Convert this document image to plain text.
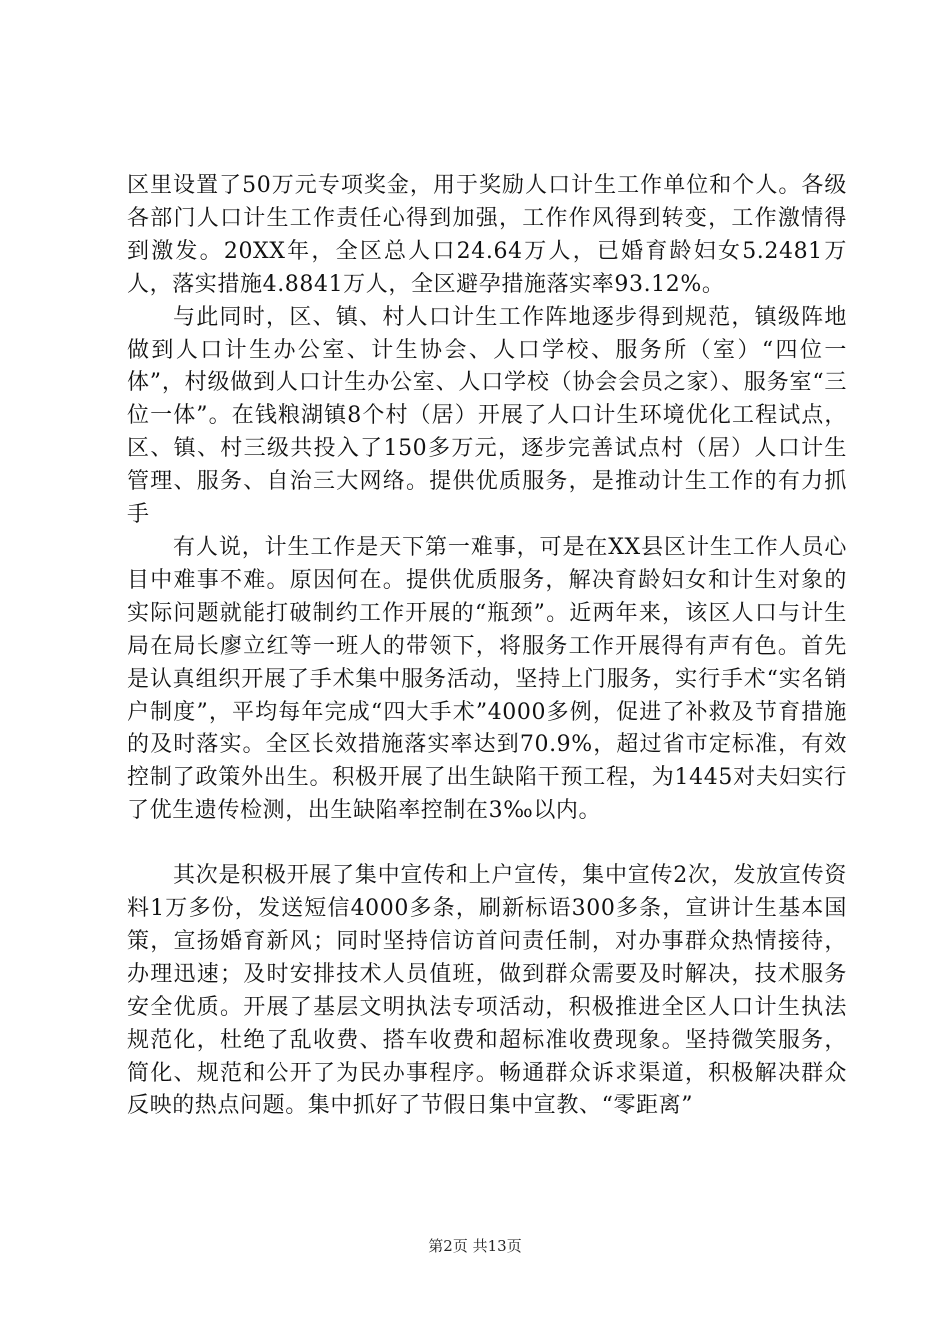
区里设置了50万元专项奖金，用于奖励人口计生工作单位和个人。各级各部门人口计生工作责任心得到加强，工作作风得到转变，工作激情得到激发。20XX年，全区总人口24.64万人，已婚育龄妇女5.2481万人，落实措施4.8841万人，全区避孕措施落实率93.12%。

与此同时，区、镇、村人口计生工作阵地逐步得到规范，镇级阵地做到人口计生办公室、计生协会、人口学校、服务所（室）“四位一体”，村级做到人口计生办公室、人口学校（协会会员之家）、服务室“三位一体”。在钱粮湖镇8个村（居）开展了人口计生环境优化工程试点，区、镇、村三级共投入了150多万元，逐步完善试点村（居）人口计生管理、服务、自治三大网络。提供优质服务，是推动计生工作的有力抓手

有人说，计生工作是天下第一难事，可是在XX县区计生工作人员心目中难事不难。原因何在。提供优质服务，解决育龄妇女和计生对象的实际问题就能打破制约工作开展的“瓶颈”。近两年来，该区人口与计生局在局长廖立红等一班人的带领下，将服务工作开展得有声有色。首先是认真组织开展了手术集中服务活动，坚持上门服务，实行手术“实名销户制度”，平均每年完成“四大手术”4000多例，促进了补救及节育措施的及时落实。全区长效措施落实率达到70.9%，超过省市定标准，有效控制了政策外出生。积极开展了出生缺陷干预工程，为1445对夫妇实行了优生遗传检测，出生缺陷率控制在3‰以内。

其次是积极开展了集中宣传和上户宣传，集中宣传2次，发放宣传资料1万多份，发送短信4000多条，刷新标语300多条，宣讲计生基本国策，宣扬婚育新风；同时坚持信访首问责任制，对办事群众热情接待，办理迅速；及时安排技术人员值班，做到群众需要及时解决，技术服务安全优质。开展了基层文明执法专项活动，积极推进全区人口计生执法规范化，杜绝了乱收费、搭车收费和超标准收费现象。坚持微笑服务，简化、规范和公开了为民办事程序。畅通群众诉求渠道，积极解决群众反映的热点问题。集中抓好了节假日集中宣教、“零距离”

第2页 共13页
